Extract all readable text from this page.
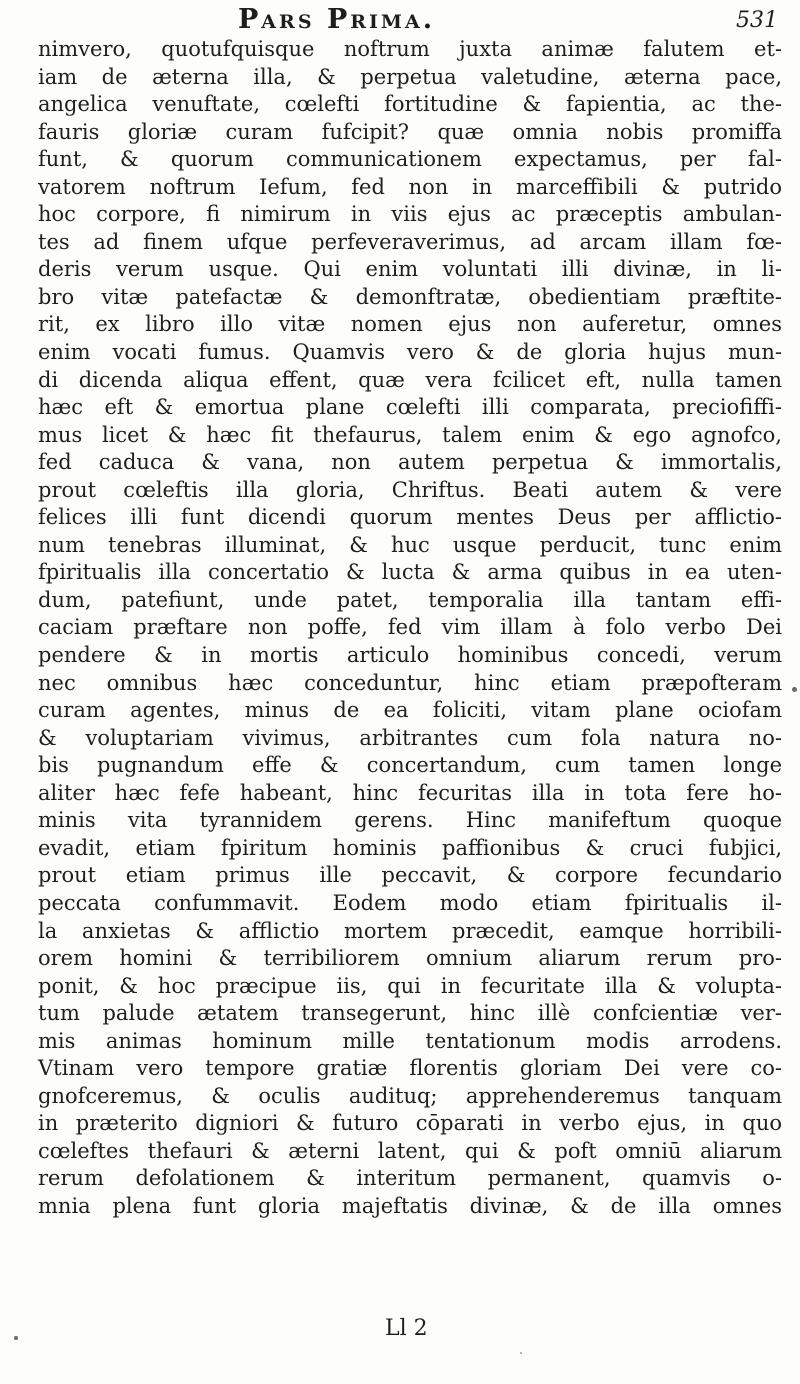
Pars Prima.	531
nimvero, quotufquisque noftrum juxta animæ falutem et-
iam de æterna illa, & perpetua valetudine, æterna pace,
angelica venuftate, cœlefti fortitudine & fapientia, ac the-
fauris gloriæ curam fufcipit? quæ omnia nobis promiffa
funt, & quorum communicationem expectamus, per fal-
vatorem noftrum Iefum, fed non in marceffibili & putrido
hoc corpore, fi nimirum in viis ejus ac præceptis ambulan-
tes ad finem ufque perfeveraverimus, ad arcam illam fœ-
deris verum usque. Qui enim voluntati illi divinæ, in li-
bro vitæ patefactæ & demonftratæ, obedientiam præftite-
rit, ex libro illo vitæ nomen ejus non auferetur, omnes
enim vocati fumus. Quamvis vero & de gloria hujus mun-
di dicenda aliqua effent, quæ vera fcilicet eft, nulla tamen
hæc eft & emortua plane cœlefti illi comparata, preciofiffi-
mus licet & hæc fit thefaurus, talem enim & ego agnofco,
fed caduca & vana, non autem perpetua & immortalis,
prout cœleftis illa gloria, Chriftus. Beati autem & vere
felices illi funt dicendi quorum mentes Deus per afflictio-
num tenebras illuminat, & huc usque perducit, tunc enim
fpiritualis illa concertatio & lucta & arma quibus in ea uten-
dum, patefiunt, unde patet, temporalia illa tantam effi-
caciam præftare non poffe, fed vim illam à folo verbo Dei
pendere & in mortis articulo hominibus concedi, verum
nec omnibus hæc conceduntur, hinc etiam præpofteram
curam agentes, minus de ea foliciti, vitam plane ociofam
& voluptariam vivimus, arbitrantes cum fola natura no-
bis pugnandum effe & concertandum, cum tamen longe
aliter hæc fefe habeant, hinc fecuritas illa in tota fere ho-
minis vita tyrannidem gerens. Hinc manifeftum quoque
evadit, etiam fpiritum hominis paffionibus & cruci fubjici,
prout etiam primus ille peccavit, & corpore fecundario
peccata confummavit. Eodem modo etiam fpiritualis il-
la anxietas & afflictio mortem præcedit, eamque horribili-
orem homini & terribiliorem omnium aliarum rerum pro-
ponit, & hoc præcipue iis, qui in fecuritate illa & volupta-
tum palude ætatem transegerunt, hinc illè confcientiæ ver-
mis animas hominum mille tentationum modis arrodens.
Vtinam vero tempore gratiæ florentis gloriam Dei vere co-
gnofceremus, & oculis audituq; apprehenderemus tanquam
in præterito digniori & futuro cōparati in verbo ejus, in quo
cœleftes thefauri & æterni latent, qui & poft omniū aliarum
rerum defolationem & interitum permanent, quamvis o-
mnia plena funt gloria majeftatis divinæ, & de illa omnes
Ll 2
